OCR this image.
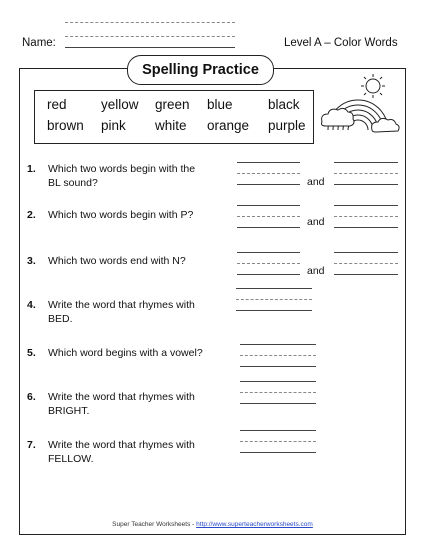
Name:	Level A – Color Words
Spelling Practice
red	yellow green blue	black
brown pink white orange purple
1. Which two words begin with the
BL sound?	and
2. Which two words begin with P?
and
3. Which two words end with N?
and
4. Write the word that rhymes with
BED.
5. Which word begins with a vowel?
6. Write the word that rhymes with
BRIGHT.
7. Write the word that rhymes with
FELLOW.
Super Teacher Worksheets - http://www.superteacherworksheets.com
